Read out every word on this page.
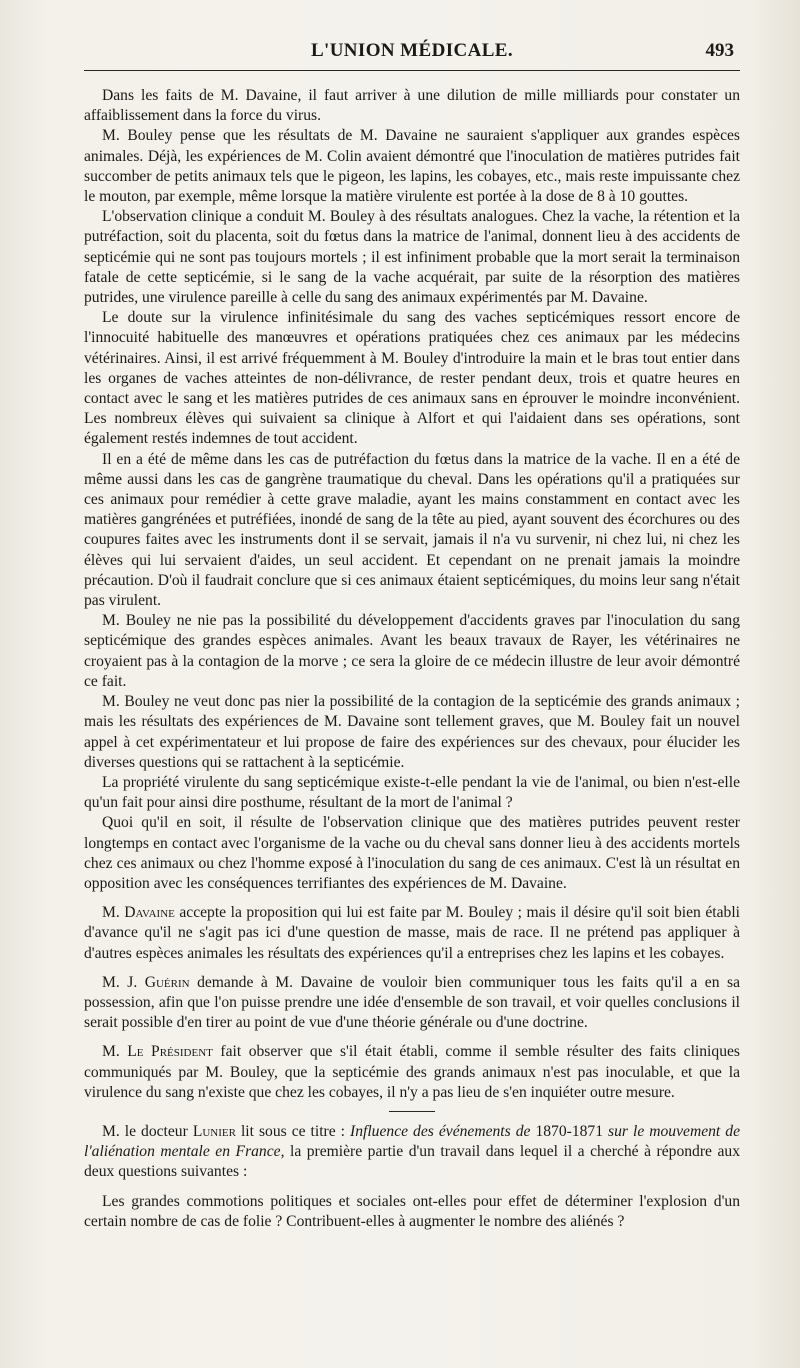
L'UNION MÉDICALE.	493

Dans les faits de M. Davaine, il faut arriver à une dilution de mille milliards pour constater un affaiblissement dans la force du virus.

M. Bouley pense que les résultats de M. Davaine ne sauraient s'appliquer aux grandes espèces animales. Déjà, les expériences de M. Colin avaient démontré que l'inoculation de matières putrides fait succomber de petits animaux tels que le pigeon, les lapins, les cobayes, etc., mais reste impuissante chez le mouton, par exemple, même lorsque la matière virulente est portée à la dose de 8 à 10 gouttes.

L'observation clinique a conduit M. Bouley à des résultats analogues. Chez la vache, la rétention et la putréfaction, soit du placenta, soit du fœtus dans la matrice de l'animal, donnent lieu à des accidents de septicémie qui ne sont pas toujours mortels ; il est infiniment probable que la mort serait la terminaison fatale de cette septicémie, si le sang de la vache acquérait, par suite de la résorption des matières putrides, une virulence pareille à celle du sang des animaux expérimentés par M. Davaine.

Le doute sur la virulence infinitésimale du sang des vaches septicémiques ressort encore de l'innocuité habituelle des manœuvres et opérations pratiquées chez ces animaux par les médecins vétérinaires. Ainsi, il est arrivé fréquemment à M. Bouley d'introduire la main et le bras tout entier dans les organes de vaches atteintes de non-délivrance, de rester pendant deux, trois et quatre heures en contact avec le sang et les matières putrides de ces animaux sans en éprouver le moindre inconvénient. Les nombreux élèves qui suivaient sa clinique à Alfort et qui l'aidaient dans ses opérations, sont également restés indemnes de tout accident.

Il en a été de même dans les cas de putréfaction du fœtus dans la matrice de la vache. Il en a été de même aussi dans les cas de gangrène traumatique du cheval. Dans les opérations qu'il a pratiquées sur ces animaux pour remédier à cette grave maladie, ayant les mains constamment en contact avec les matières gangrénées et putréfiées, inondé de sang de la tête au pied, ayant souvent des écorchures ou des coupures faites avec les instruments dont il se servait, jamais il n'a vu survenir, ni chez lui, ni chez les élèves qui lui servaient d'aides, un seul accident. Et cependant on ne prenait jamais la moindre précaution. D'où il faudrait conclure que si ces animaux étaient septicémiques, du moins leur sang n'était pas virulent.

M. Bouley ne nie pas la possibilité du développement d'accidents graves par l'inoculation du sang septicémique des grandes espèces animales. Avant les beaux travaux de Rayer, les vétérinaires ne croyaient pas à la contagion de la morve ; ce sera la gloire de ce médecin illustre de leur avoir démontré ce fait.

M. Bouley ne veut donc pas nier la possibilité de la contagion de la septicémie des grands animaux ; mais les résultats des expériences de M. Davaine sont tellement graves, que M. Bouley fait un nouvel appel à cet expérimentateur et lui propose de faire des expériences sur des chevaux, pour élucider les diverses questions qui se rattachent à la septicémie.

La propriété virulente du sang septicémique existe-t-elle pendant la vie de l'animal, ou bien n'est-elle qu'un fait pour ainsi dire posthume, résultant de la mort de l'animal ?

Quoi qu'il en soit, il résulte de l'observation clinique que des matières putrides peuvent rester longtemps en contact avec l'organisme de la vache ou du cheval sans donner lieu à des accidents mortels chez ces animaux ou chez l'homme exposé à l'inoculation du sang de ces animaux. C'est là un résultat en opposition avec les conséquences terrifiantes des expériences de M. Davaine.

M. Davaine accepte la proposition qui lui est faite par M. Bouley ; mais il désire qu'il soit bien établi d'avance qu'il ne s'agit pas ici d'une question de masse, mais de race. Il ne prétend pas appliquer à d'autres espèces animales les résultats des expériences qu'il a entreprises chez les lapins et les cobayes.

M. J. Guérin demande à M. Davaine de vouloir bien communiquer tous les faits qu'il a en sa possession, afin que l'on puisse prendre une idée d'ensemble de son travail, et voir quelles conclusions il serait possible d'en tirer au point de vue d'une théorie générale ou d'une doctrine.

M. Le Président fait observer que s'il était établi, comme il semble résulter des faits cliniques communiqués par M. Bouley, que la septicémie des grands animaux n'est pas inoculable, et que la virulence du sang n'existe que chez les cobayes, il n'y a pas lieu de s'en inquiéter outre mesure.

M. le docteur Lunier lit sous ce titre : Influence des événements de 1870-1871 sur le mouvement de l'aliénation mentale en France, la première partie d'un travail dans lequel il a cherché à répondre aux deux questions suivantes :

Les grandes commotions politiques et sociales ont-elles pour effet de déterminer l'explosion d'un certain nombre de cas de folie ? Contribuent-elles à augmenter le nombre des aliénés ?
